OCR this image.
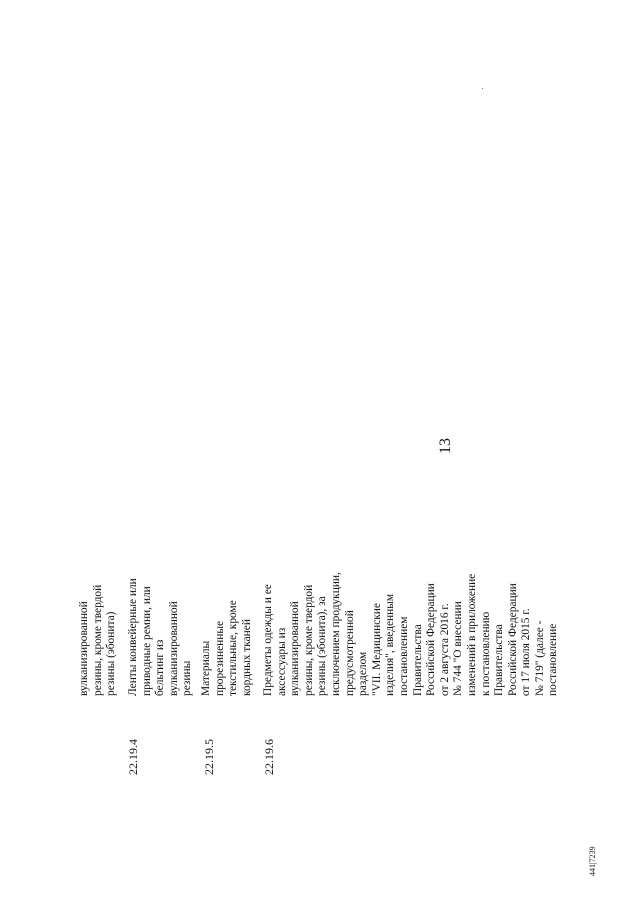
13
441|7239
вулканизированной резины, кроме твердой резины (эбонита)
22.19.4
Ленты конвейерные или приводные ремни, или бельтинг из вулканизированной резины
22.19.5
Материалы прорезиненные текстильные, кроме кордных тканей
22.19.6
Предметы одежды и ее аксессуары из вулканизированной резины, кроме твердой резины (эбонита), за исключением продукции, предусмотренной разделом "VII. Медицинские изделия", введенным постановлением Правительства Российской Федерации от 2 августа 2016 г. № 744 "О внесении изменений в приложение к постановлению Правительства Российской Федерации от 17 июля 2015 г. № 719" (далее - постановление
